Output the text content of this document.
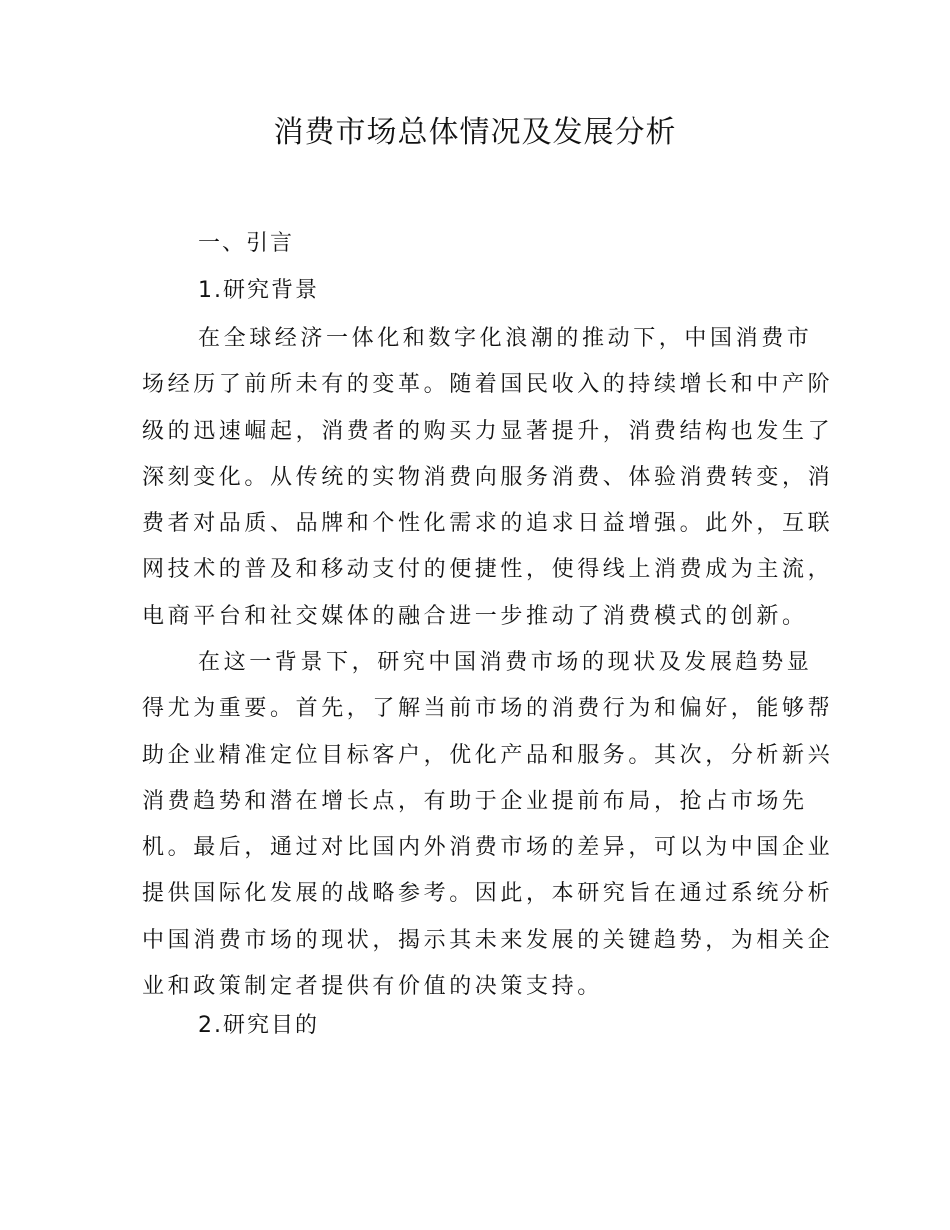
消费市场总体情况及发展分析
一、引言
1.研究背景
在全球经济一体化和数字化浪潮的推动下，中国消费市
场经历了前所未有的变革。随着国民收入的持续增长和中产阶
级的迅速崛起，消费者的购买力显著提升，消费结构也发生了
深刻变化。从传统的实物消费向服务消费、体验消费转变，消
费者对品质、品牌和个性化需求的追求日益增强。此外，互联
网技术的普及和移动支付的便捷性，使得线上消费成为主流，
电商平台和社交媒体的融合进一步推动了消费模式的创新。
在这一背景下，研究中国消费市场的现状及发展趋势显
得尤为重要。首先，了解当前市场的消费行为和偏好，能够帮
助企业精准定位目标客户，优化产品和服务。其次，分析新兴
消费趋势和潜在增长点，有助于企业提前布局，抢占市场先
机。最后，通过对比国内外消费市场的差异，可以为中国企业
提供国际化发展的战略参考。因此，本研究旨在通过系统分析
中国消费市场的现状，揭示其未来发展的关键趋势，为相关企
业和政策制定者提供有价值的决策支持。
2.研究目的
